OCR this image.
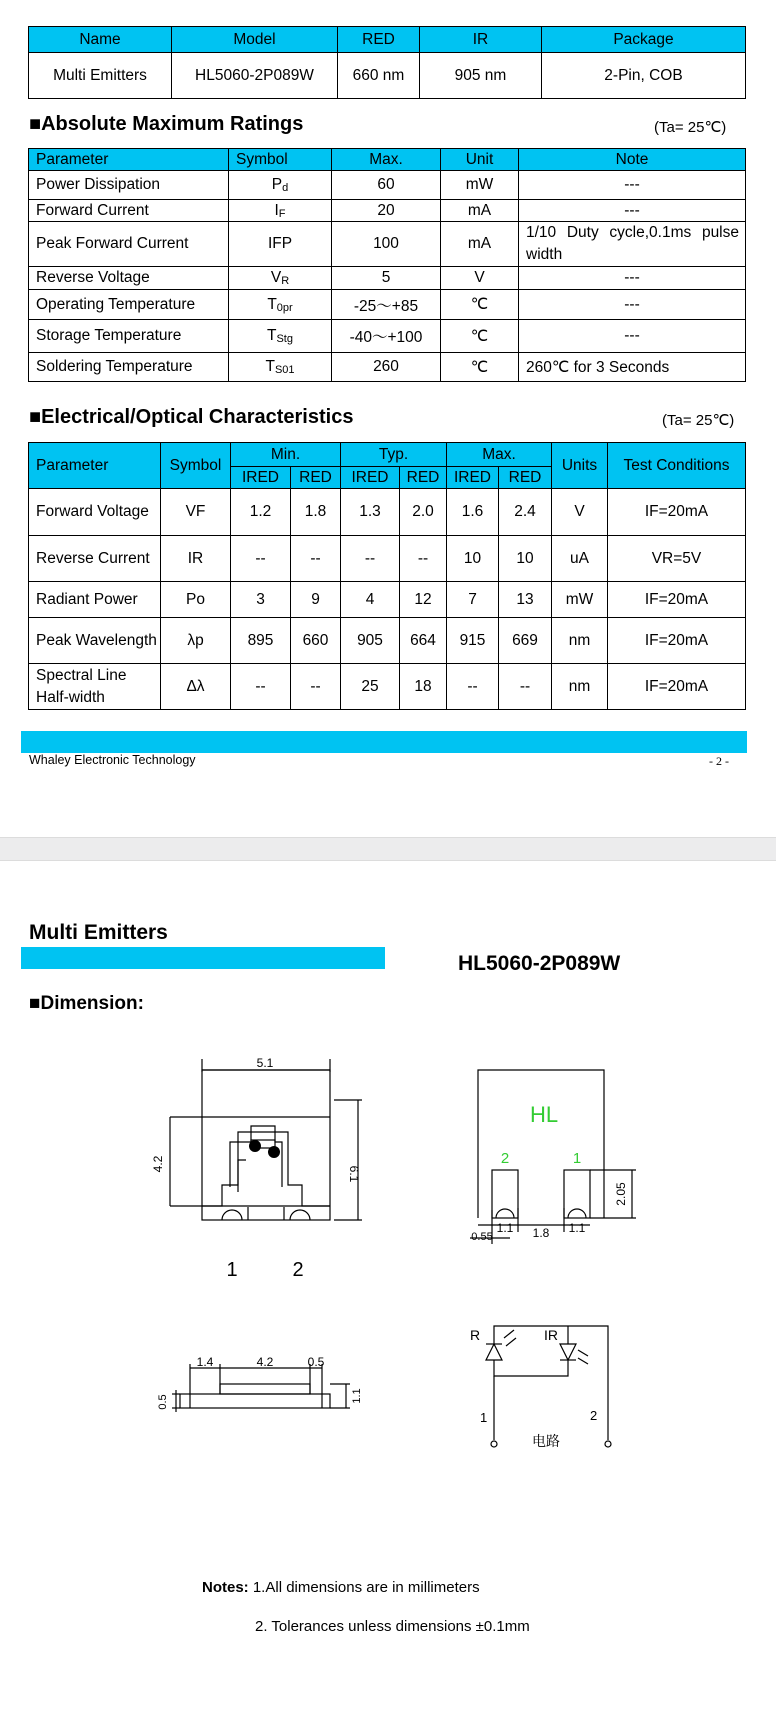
Name	Model	RED	IR	Package
Multi Emitters	HL5060-2P089W	660 nm	905 nm	2-Pin, COB
■Absolute Maximum Ratings	(Ta= 25℃)
Parameter	Symbol	Max.	Unit	Note
Power Dissipation	Pd	60	mW	---
Forward Current	IF	20	mA	---
Peak Forward Current	IFP	100	mA	1/10 Duty cycle,0.1ms pulse width
Reverse Voltage	VR	5	V	---
Operating Temperature	T0pr	-25～+85	℃	---
Storage Temperature	TStg	-40～+100	℃	---
Soldering Temperature	TS01	260	℃	260℃ for 3 Seconds
■Electrical/Optical Characteristics	(Ta= 25℃)
Parameter	Symbol	Min.		Typ.		Max.		Units	Test Conditions
		IRED	RED	IRED	RED	IRED	RED		
Forward Voltage	VF	1.2	1.8	1.3	2.0	1.6	2.4	V	IF=20mA
Reverse Current	IR	--	--	--	--	10	10	uA	VR=5V
Radiant Power	Po	3	9	4	12	7	13	mW	IF=20mA
Peak Wavelength	λp	895	660	905	664	915	669	nm	IF=20mA
Spectral Line Half-width	Δλ	--	--	25	18	--	--	nm	IF=20mA
Whaley Electronic Technology	- 2 -
Multi Emitters
HL5060-2P089W
■Dimension:
5.1
4.2
6.1
1	2
HL
2	1
2.05
0.55
1.1 1.8 1.1
1.4	4.2	0.5
0.5	1.1
R	IR
1	2
电路
Notes: 1.All dimensions are in millimeters
2. Tolerances unless dimensions ±0.1mm
